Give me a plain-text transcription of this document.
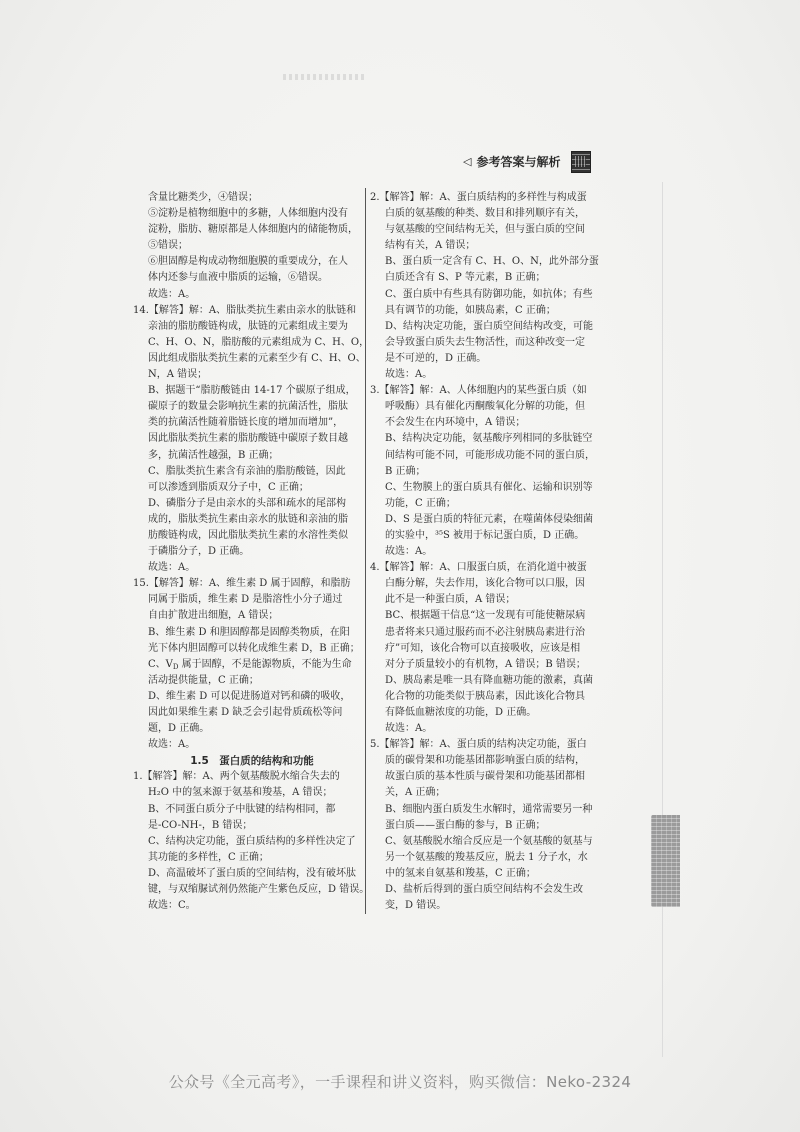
◁ 参考答案与解析
含量比糖类少，④错误；
⑤淀粉是植物细胞中的多糖，人体细胞内没有
淀粉，脂肪、糖原都是人体细胞内的储能物质，
⑤错误；
⑥胆固醇是构成动物细胞膜的重要成分，在人
体内还参与血液中脂质的运输，⑥错误。
故选：A。
14.【解答】解：A、脂肽类抗生素由亲水的肽链和
亲油的脂肪酸链构成，肽链的元素组成主要为
C、H、O、N，脂肪酸的元素组成为 C、H、O，
因此组成脂肽类抗生素的元素至少有 C、H、O、
N，A 错误；
B、据题干“脂肪酸链由 14-17 个碳原子组成，
碳原子的数量会影响抗生素的抗菌活性，脂肽
类的抗菌活性随着脂链长度的增加而增加”，
因此脂肽类抗生素的脂肪酸链中碳原子数目越
多，抗菌活性越强，B 正确；
C、脂肽类抗生素含有亲油的脂肪酸链，因此
可以渗透到脂质双分子中，C 正确；
D、磷脂分子是由亲水的头部和疏水的尾部构
成的，脂肽类抗生素由亲水的肽链和亲油的脂
肪酸链构成，因此脂肽类抗生素的水溶性类似
于磷脂分子，D 正确。
故选：A。
15.【解答】解：A、维生素 D 属于固醇，和脂肪
同属于脂质，维生素 D 是脂溶性小分子通过
自由扩散进出细胞，A 错误；
B、维生素 D 和胆固醇都是固醇类物质，在阳
光下体内胆固醇可以转化成维生素 D，B 正确；
C、$V_D$ 属于固醇，不是能源物质，不能为生命
活动提供能量，C 正确；
D、维生素 D 可以促进肠道对钙和磷的吸收，
因此如果维生素 D 缺乏会引起骨质疏松等问
题，D 正确。
故选：A。
1.5　蛋白质的结构和功能
1.【解答】解：A、两个氨基酸脱水缩合失去的
H₂O 中的氢来源于氨基和羧基，A 错误；
B、不同蛋白质分子中肽键的结构相同，都
是-CO-NH-，B 错误；
C、结构决定功能，蛋白质结构的多样性决定了
其功能的多样性，C 正确；
D、高温破坏了蛋白质的空间结构，没有破坏肽
键，与双缩脲试剂仍然能产生紫色反应，D 错误。
故选：C。
2.【解答】解：A、蛋白质结构的多样性与构成蛋
白质的氨基酸的种类、数目和排列顺序有关，
与氨基酸的空间结构无关，但与蛋白质的空间
结构有关，A 错误；
B、蛋白质一定含有 C、H、O、N，此外部分蛋
白质还含有 S、P 等元素，B 正确；
C、蛋白质中有些具有防御功能，如抗体；有些
具有调节的功能，如胰岛素，C 正确；
D、结构决定功能，蛋白质空间结构改变，可能
会导致蛋白质失去生物活性，而这种改变一定
是不可逆的，D 正确。
故选：A。
3.【解答】解：A、人体细胞内的某些蛋白质（如
呼吸酶）具有催化丙酮酸氧化分解的功能，但
不会发生在内环境中，A 错误；
B、结构决定功能，氨基酸序列相同的多肽链空
间结构可能不同，可能形成功能不同的蛋白质，
B 正确；
C、生物膜上的蛋白质具有催化、运输和识别等
功能，C 正确；
D、S 是蛋白质的特征元素，在噬菌体侵染细菌
的实验中，³⁵S 被用于标记蛋白质，D 正确。
故选：A。
4.【解答】解：A、口服蛋白质，在消化道中被蛋
白酶分解，失去作用，该化合物可以口服，因
此不是一种蛋白质，A 错误；
BC、根据题干信息“这一发现有可能使糖尿病
患者将来只通过服药而不必注射胰岛素进行治
疗”可知，该化合物可以直接吸收，应该是相
对分子质量较小的有机物，A 错误；B 错误；
D、胰岛素是唯一具有降血糖功能的激素，真菌
化合物的功能类似于胰岛素，因此该化合物具
有降低血糖浓度的功能，D 正确。
故选：A。
5.【解答】解：A、蛋白质的结构决定功能，蛋白
质的碳骨架和功能基团都影响蛋白质的结构，
故蛋白质的基本性质与碳骨架和功能基团都相
关，A 正确；
B、细胞内蛋白质发生水解时，通常需要另一种
蛋白质——蛋白酶的参与，B 正确；
C、氨基酸脱水缩合反应是一个氨基酸的氨基与
另一个氨基酸的羧基反应，脱去 1 分子水，水
中的氢来自氨基和羧基，C 正确；
D、盐析后得到的蛋白质空间结构不会发生改
变，D 错误。
公众号《全元高考》，一手课程和讲义资料，购买微信：Neko-2324
